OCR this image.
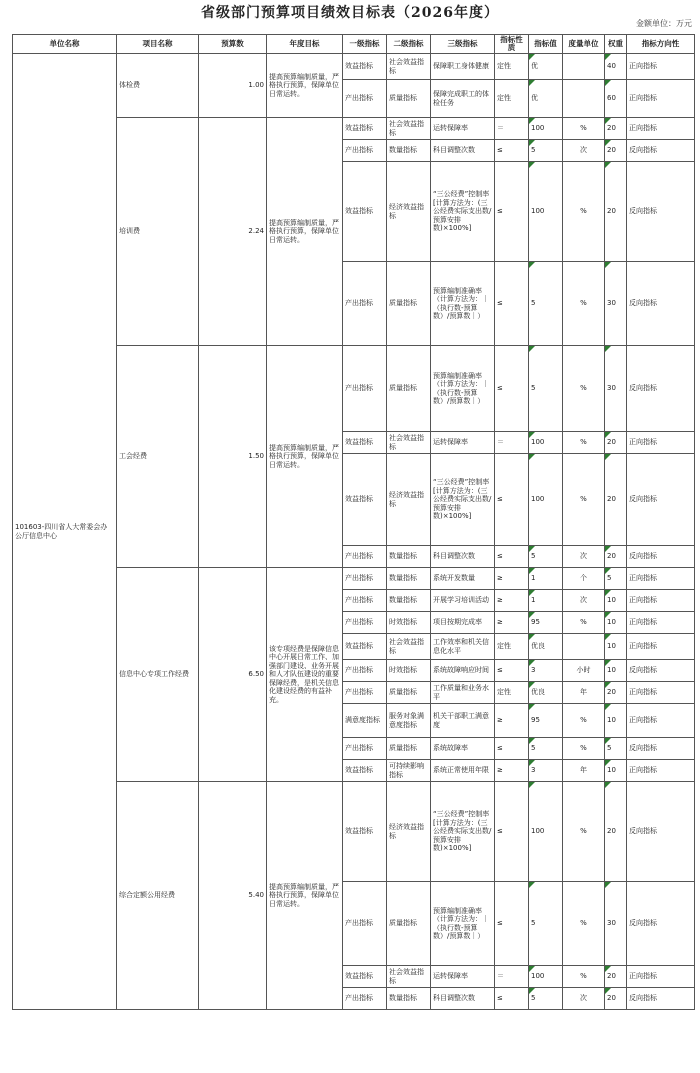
省级部门预算项目绩效目标表（2026年度）
金额单位：万元
单位名称	项目名称	预算数	年度目标	一级指标	二级指标	三级指标	指标性质	指标值	度量单位	权重	指标方向性
101603-四川省人大常委会办公厅信息中心	体检费	1.00	提高预算编制质量，严格执行预算，保障单位日常运转。	效益指标	社会效益指标	保障职工身体健康	定性	优		40	正向指标
				产出指标	质量指标	保障完成职工的体检任务	定性	优		60	正向指标
	培训费	2.24	提高预算编制质量，严格执行预算，保障单位日常运转。	效益指标	社会效益指标	运转保障率	＝	100	%	20	正向指标
				产出指标	数量指标	科目调整次数	≤	5	次	20	反向指标
				效益指标	经济效益指标	“三公经费”控制率[计算方法为：(三公经费实际支出数/预算安排数)×100%]	≤	100	%	20	反向指标
				产出指标	质量指标	预算编制准确率（计算方法为：｜（执行数-预算数）/预算数｜）	≤	5	%	30	反向指标
	工会经费	1.50	提高预算编制质量，严格执行预算，保障单位日常运转。	产出指标	质量指标	预算编制准确率（计算方法为：｜（执行数-预算数）/预算数｜）	≤	5	%	30	反向指标
				效益指标	社会效益指标	运转保障率	＝	100	%	20	正向指标
				效益指标	经济效益指标	“三公经费”控制率[计算方法为：(三公经费实际支出数/预算安排数)×100%]	≤	100	%	20	反向指标
				产出指标	数量指标	科目调整次数	≤	5	次	20	反向指标
	信息中心专项工作经费	6.50	该专项经费是保障信息中心开展日常工作、加强部门建设、业务开展和人才队伍建设的重要保障经费，是机关信息化建设经费的有益补充。	产出指标	数量指标	系统开发数量	≥	1	个	5	正向指标
				产出指标	数量指标	开展学习培训活动	≥	1	次	10	正向指标
				产出指标	时效指标	项目按期完成率	≥	95	%	10	正向指标
				效益指标	社会效益指标	工作效率和机关信息化水平	定性	优良		10	正向指标
				产出指标	时效指标	系统故障响应时间	≤	3	小时	10	反向指标
				产出指标	质量指标	工作质量和业务水平	定性	优良	年	20	正向指标
				满意度指标	服务对象满意度指标	机关干部职工满意度	≥	95	%	10	正向指标
				产出指标	质量指标	系统故障率	≤	5	%	5	反向指标
				效益指标	可持续影响指标	系统正常使用年限	≥	3	年	10	正向指标
	综合定额公用经费	5.40	提高预算编制质量，严格执行预算，保障单位日常运转。	效益指标	经济效益指标	“三公经费”控制率[计算方法为：(三公经费实际支出数/预算安排数)×100%]	≤	100	%	20	反向指标
				产出指标	质量指标	预算编制准确率（计算方法为：｜（执行数-预算数）/预算数｜）	≤	5	%	30	反向指标
				效益指标	社会效益指标	运转保障率	＝	100	%	20	正向指标
				产出指标	数量指标	科目调整次数	≤	5	次	20	反向指标
